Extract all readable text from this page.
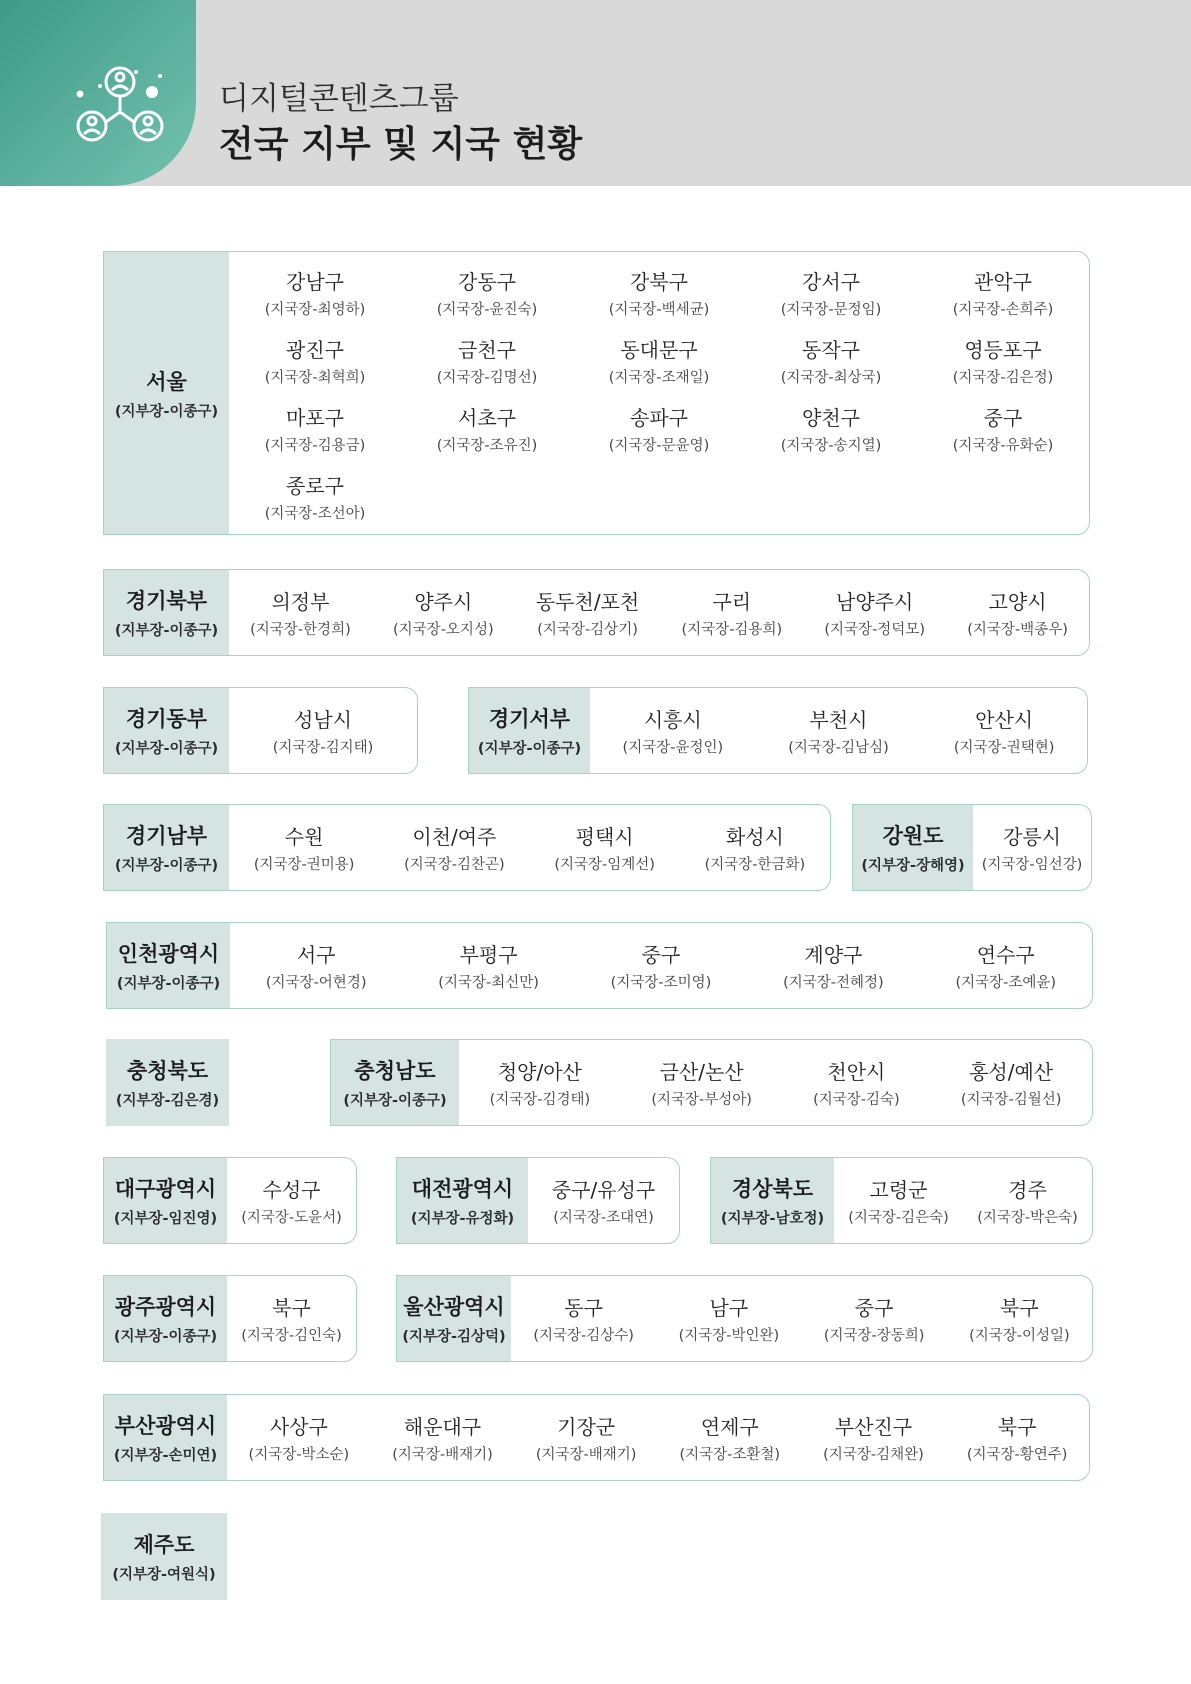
디지털콘텐츠그룹
전국 지부 및 지국 현황
서울
(지부장-이종구)
강남구
(지국장-최영하)
강동구
(지국장-윤진숙)
강북구
(지국장-백세균)
강서구
(지국장-문정임)
관악구
(지국장-손희주)
광진구
(지국장-최혁희)
금천구
(지국장-김명선)
동대문구
(지국장-조재일)
동작구
(지국장-최상국)
영등포구
(지국장-김은정)
마포구
(지국장-김용금)
서초구
(지국장-조유진)
송파구
(지국장-문윤영)
양천구
(지국장-송지열)
중구
(지국장-유화순)
종로구
(지국장-조선아)
경기북부
(지부장-이종구)
의정부
(지국장-한경희)
양주시
(지국장-오지성)
동두천/포천
(지국장-김상기)
구리
(지국장-김용희)
남양주시
(지국장-정덕모)
고양시
(지국장-백종우)
경기동부
(지부장-이종구)
성남시
(지국장-김지태)
경기서부
(지부장-이종구)
시흥시
(지국장-윤정인)
부천시
(지국장-김남심)
안산시
(지국장-권택현)
경기남부
(지부장-이종구)
수원
(지국장-권미용)
이천/여주
(지국장-김찬곤)
평택시
(지국장-임계선)
화성시
(지국장-한금화)
강원도
(지부장-장해영)
강릉시
(지국장-임선강)
인천광역시
(지부장-이종구)
서구
(지국장-어현경)
부평구
(지국장-최신만)
중구
(지국장-조미영)
계양구
(지국장-전혜정)
연수구
(지국장-조예윤)
충청북도
(지부장-김은경)
충청남도
(지부장-이종구)
청양/아산
(지국장-김경태)
금산/논산
(지국장-부성아)
천안시
(지국장-김숙)
홍성/예산
(지국장-김월선)
대구광역시
(지부장-임진영)
수성구
(지국장-도윤서)
대전광역시
(지부장-유정화)
중구/유성구
(지국장-조대연)
경상북도
(지부장-남호정)
고령군
(지국장-김은숙)
경주
(지국장-박은숙)
광주광역시
(지부장-이종구)
북구
(지국장-김인숙)
울산광역시
(지부장-김상덕)
동구
(지국장-김상수)
남구
(지국장-박인완)
중구
(지국장-장동희)
북구
(지국장-이성일)
부산광역시
(지부장-손미연)
사상구
(지국장-박소순)
해운대구
(지국장-배재기)
기장군
(지국장-배재기)
연제구
(지국장-조환철)
부산진구
(지국장-김채완)
북구
(지국장-황연주)
제주도
(지부장-여원식)
